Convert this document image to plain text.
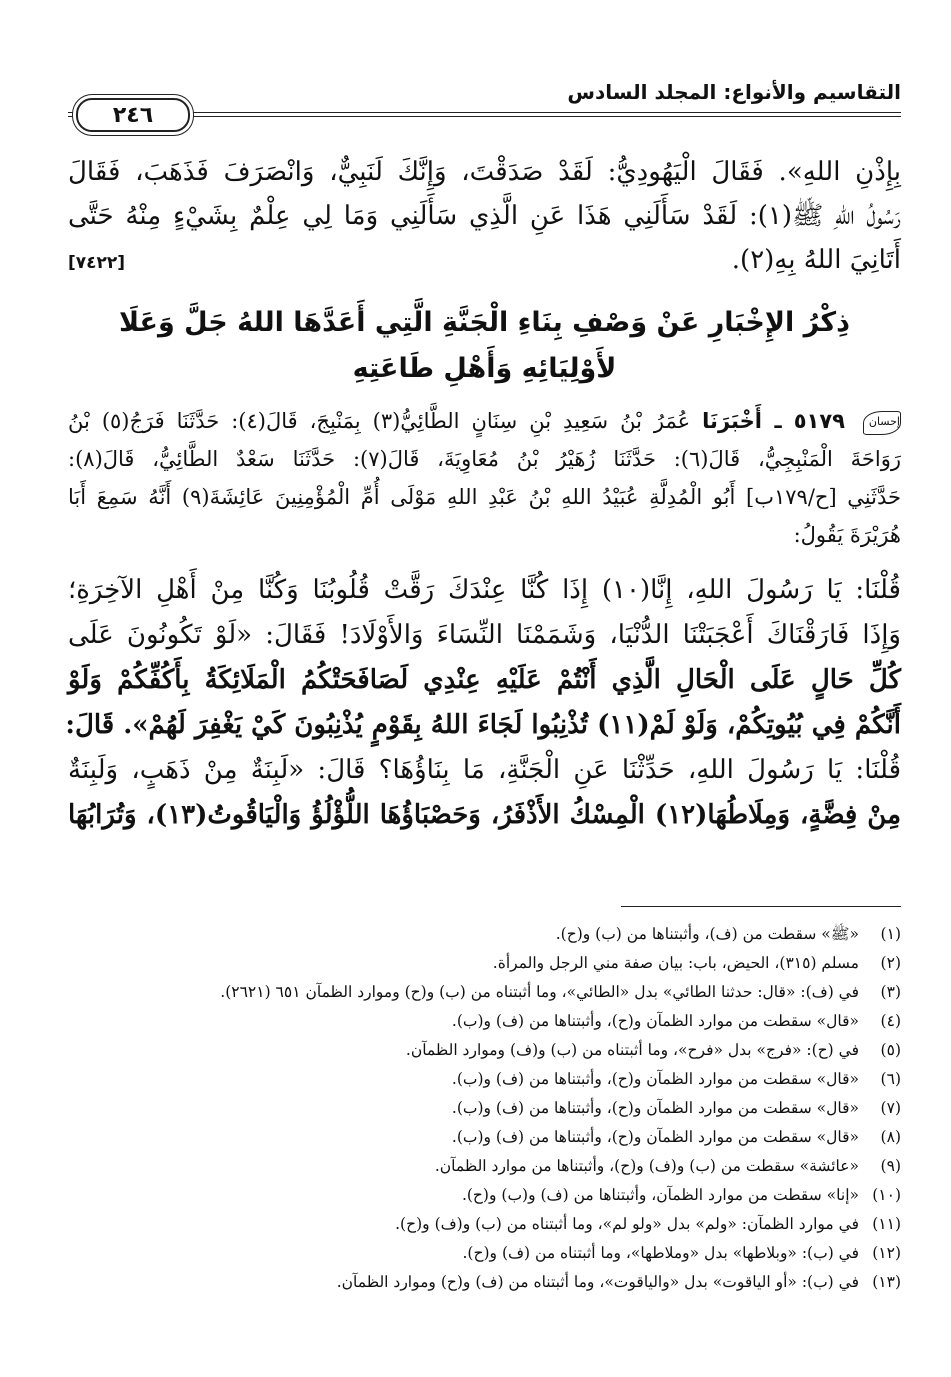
التقاسيم والأنواع: المجلد السادس
٢٤٦
بِإِذْنِ اللهِ». فَقَالَ الْيَهُودِيُّ: لَقَدْ صَدَقْتَ، وَإِنَّكَ لَنَبِيٌّ، وَانْصَرَفَ فَذَهَبَ، فَقَالَ
رَسُولُ اللهِ ﷺ(١): لَقَدْ سَأَلَنِي هَذَا عَنِ الَّذِي سَأَلَنِي وَمَا لِي عِلْمٌ بِشَيْءٍ مِنْهُ حَتَّى
أَتَانِيَ اللهُ بِهِ(٢).
[٧٤٢٢]
ذِكْرُ الإِخْبَارِ عَنْ وَصْفِ بِنَاءِ الْجَنَّةِ الَّتِي أَعَدَّهَا اللهُ جَلَّ وَعَلَا
لأَوْلِيَائِهِ وَأَهْلِ طَاعَتِهِ
إحسان ٥١٧٩ ـ أَخْبَرَنَا عُمَرُ بْنُ سَعِيدِ بْنِ سِنَانٍ الطَّائِيُّ(٣) بِمَنْبِجَ، قَالَ(٤): حَدَّثَنَا فَرَجُ(٥) بْنُ
رَوَاحَةَ الْمَنْبِجِيُّ، قَالَ(٦): حَدَّثَنَا زُهَيْرُ بْنُ مُعَاوِيَةَ، قَالَ(٧): حَدَّثَنَا سَعْدٌ الطَّائِيُّ، قَالَ(٨):
حَدَّثَنِي [ح/١٧٩ب] أَبُو الْمُدِلَّةِ عُبَيْدُ اللهِ بْنُ عَبْدِ اللهِ مَوْلَى أُمِّ الْمُؤْمِنِينَ عَائِشَةَ(٩) أَنَّهُ سَمِعَ أَبَا
هُرَيْرَةَ يَقُولُ:
قُلْنَا: يَا رَسُولَ اللهِ، إِنَّا(١٠) إِذَا كُنَّا عِنْدَكَ رَقَّتْ قُلُوبُنَا وَكُنَّا مِنْ أَهْلِ الآخِرَةِ؛
وَإِذَا فَارَقْنَاكَ أَعْجَبَتْنَا الدُّنْيَا، وَشَمَمْنَا النِّسَاءَ وَالأَوْلَادَ! فَقَالَ: «لَوْ تَكُونُونَ عَلَى
كُلِّ حَالٍ عَلَى الْحَالِ الَّذِي أَنْتُمْ عَلَيْهِ عِنْدِي لَصَافَحَتْكُمُ الْمَلَائِكَةُ بِأَكُفِّكُمْ وَلَوْ
أَنَّكُمْ فِي بُيُوتِكُمْ، وَلَوْ لَمْ(١١) تُذْنِبُوا لَجَاءَ اللهُ بِقَوْمٍ يُذْنِبُونَ كَيْ يَغْفِرَ لَهُمْ». قَالَ:
قُلْنَا: يَا رَسُولَ اللهِ، حَدِّثْنَا عَنِ الْجَنَّةِ، مَا بِنَاؤُهَا؟ قَالَ: «لَبِنَةٌ مِنْ ذَهَبٍ، وَلَبِنَةٌ
مِنْ فِضَّةٍ، وَمِلَاطُهَا(١٢) الْمِسْكُ الأَذْفَرُ، وَحَصْبَاؤُهَا اللُّؤْلُؤُ وَالْيَاقُوتُ(١٣)، وَتُرَابُهَا
(١)«ﷺ» سقطت من (ف)، وأثبتناها من (ب) و(ح).
(٢)مسلم (٣١٥)، الحيض، باب: بيان صفة مني الرجل والمرأة.
(٣)في (ف): «قال: حدثنا الطائي» بدل «الطائي»، وما أثبتناه من (ب) و(ح) وموارد الظمآن ٦٥١ (٢٦٢١).
(٤)«قال» سقطت من موارد الظمآن و(ح)، وأثبتناها من (ف) و(ب).
(٥)في (ح): «فرج» بدل «فرح»، وما أثبتناه من (ب) و(ف) وموارد الظمآن.
(٦)«قال» سقطت من موارد الظمآن و(ح)، وأثبتناها من (ف) و(ب).
(٧)«قال» سقطت من موارد الظمآن و(ح)، وأثبتناها من (ف) و(ب).
(٨)«قال» سقطت من موارد الظمآن و(ح)، وأثبتناها من (ف) و(ب).
(٩)«عائشة» سقطت من (ب) و(ف) و(ح)، وأثبتناها من موارد الظمآن.
(١٠)«إنا» سقطت من موارد الظمآن، وأثبتناها من (ف) و(ب) و(ح).
(١١)في موارد الظمآن: «ولم» بدل «ولو لم»، وما أثبتناه من (ب) و(ف) و(ح).
(١٢)في (ب): «وبلاطها» بدل «وملاطها»، وما أثبتناه من (ف) و(ح).
(١٣)في (ب): «أو الياقوت» بدل «والياقوت»، وما أثبتناه من (ف) و(ح) وموارد الظمآن.
